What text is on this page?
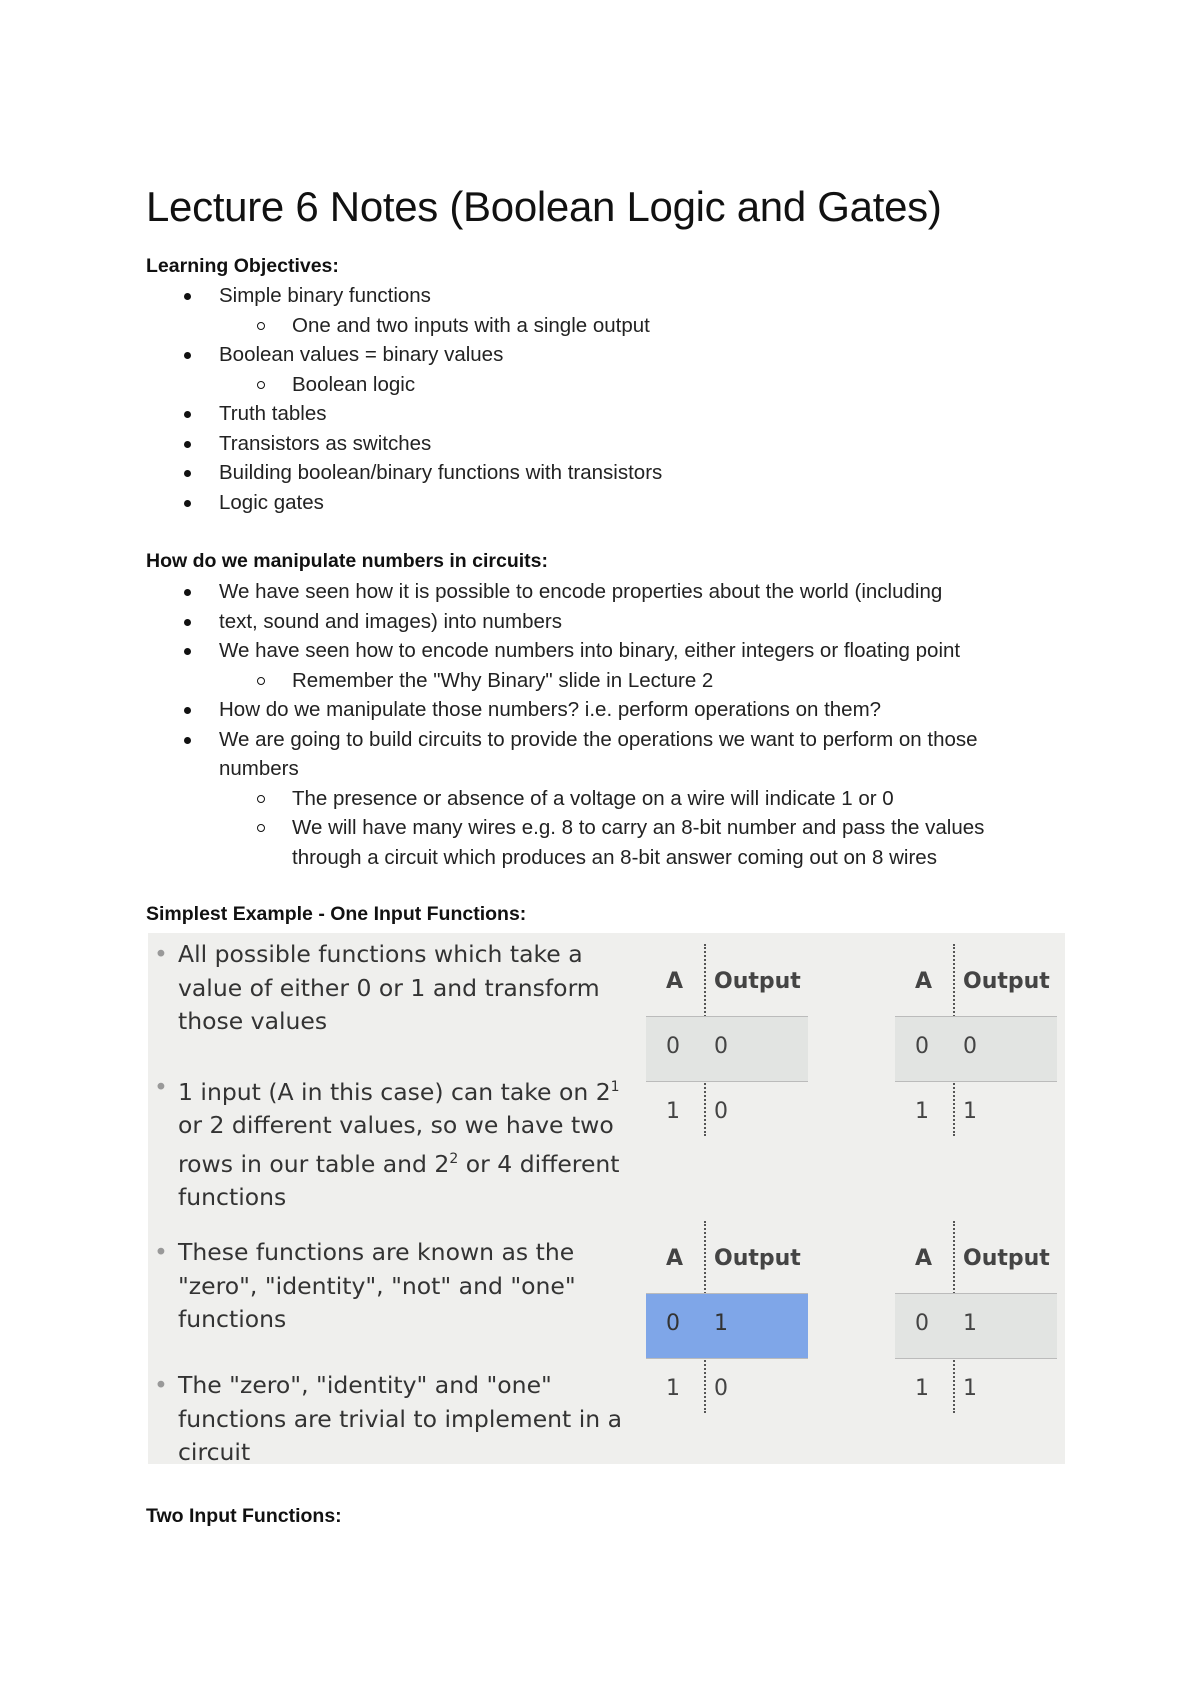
Lecture 6 Notes (Boolean Logic and Gates)
Learning Objectives:
Simple binary functions
One and two inputs with a single output
Boolean values = binary values
Boolean logic
Truth tables
Transistors as switches
Building boolean/binary functions with transistors
Logic gates
How do we manipulate numbers in circuits:
We have seen how it is possible to encode properties about the world (including
text, sound and images) into numbers
We have seen how to encode numbers into binary, either integers or floating point
Remember the "Why Binary" slide in Lecture 2
How do we manipulate those numbers? i.e. perform operations on them?
We are going to build circuits to provide the operations we want to perform on those numbers
The presence or absence of a voltage on a wire will indicate 1 or 0
We will have many wires e.g. 8 to carry an 8-bit number and pass the values through a circuit which produces an 8-bit answer coming out on 8 wires
Simplest Example - One Input Functions:
• All possible functions which take a value of either 0 or 1 and transform those values
• 1 input (A in this case) can take on $2^1$ or 2 different values, so we have two rows in our table and $2^2$ or 4 different functions
• These functions are known as the "zero", "identity", "not" and "one" functions
• The "zero", "identity" and "one" functions are trivial to implement in a circuit
A Output
0 0
1 0
A Output
0 0
1 1
A Output
0 1
1 0
A Output
0 1
1 1
Two Input Functions:
